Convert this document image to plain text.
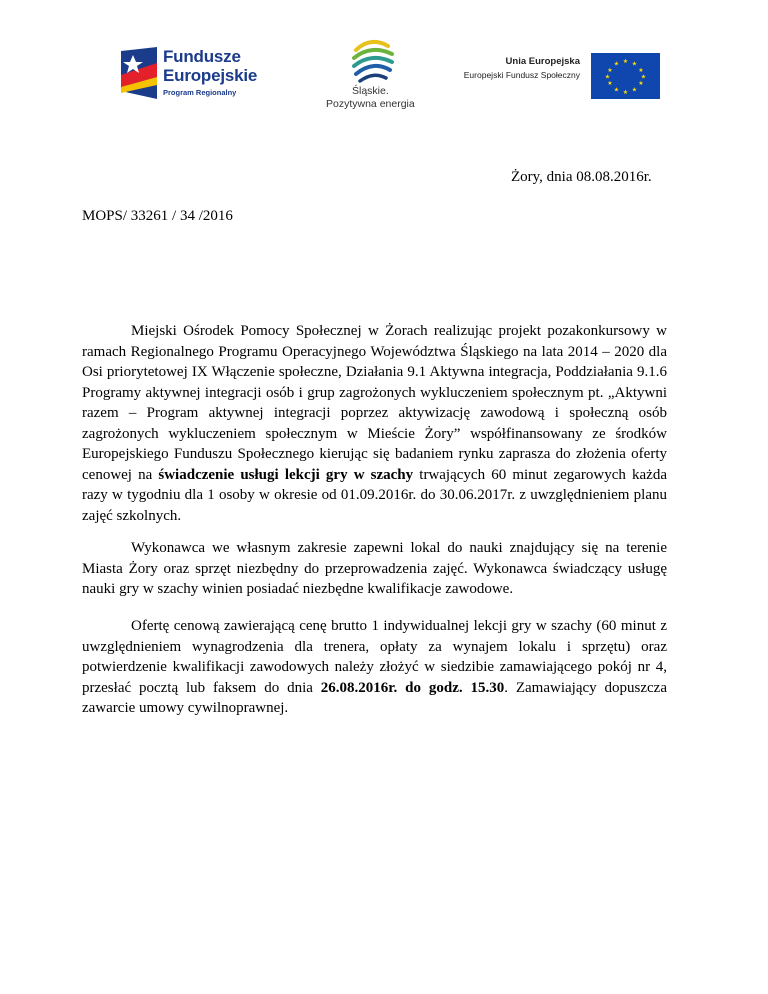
Fundusze
Europejskie
Program Regionalny	Śląskie.
Pozytywna energia
Unia Europejska
Europejski Fundusz Społeczny
★ ★
★
★
★
★
★
★
★
★
★
★
Żory, dnia 08.08.2016r.
MOPS/ 33261 / 34 /2016

Miejski Ośrodek Pomocy Społecznej w Żorach realizując projekt pozakonkursowy w ramach Regionalnego Programu Operacyjnego Województwa Śląskiego na lata 2014 – 2020 dla Osi priorytetowej IX Włączenie społeczne, Działania 9.1 Aktywna integracja, Poddziałania 9.1.6 Programy aktywnej integracji osób i grup zagrożonych wykluczeniem społecznym pt. „Aktywni razem – Program aktywnej integracji poprzez aktywizację zawodową i społeczną osób zagrożonych wykluczeniem społecznym w Mieście Żory” współfinansowany ze środków Europejskiego Funduszu Społecznego kierując się badaniem rynku zaprasza do złożenia oferty cenowej na świadczenie usługi lekcji gry w szachy trwających 60 minut zegarowych każda razy w tygodniu dla 1 osoby w okresie od 01.09.2016r. do 30.06.2017r. z uwzględnieniem planu zajęć szkolnych.

Wykonawca we własnym zakresie zapewni lokal do nauki znajdujący się na terenie Miasta Żory oraz sprzęt niezbędny do przeprowadzenia zajęć. Wykonawca świadczący usługę nauki gry w szachy winien posiadać niezbędne kwalifikacje zawodowe.

Ofertę cenową zawierającą cenę brutto 1 indywidualnej lekcji gry w szachy (60 minut z uwzględnieniem wynagrodzenia dla trenera, opłaty za wynajem lokalu i sprzętu) oraz potwierdzenie kwalifikacji zawodowych należy złożyć w siedzibie zamawiającego pokój nr 4, przesłać pocztą lub faksem do dnia 26.08.2016r. do godz. 15.30. Zamawiający dopuszcza zawarcie umowy cywilnoprawnej.
